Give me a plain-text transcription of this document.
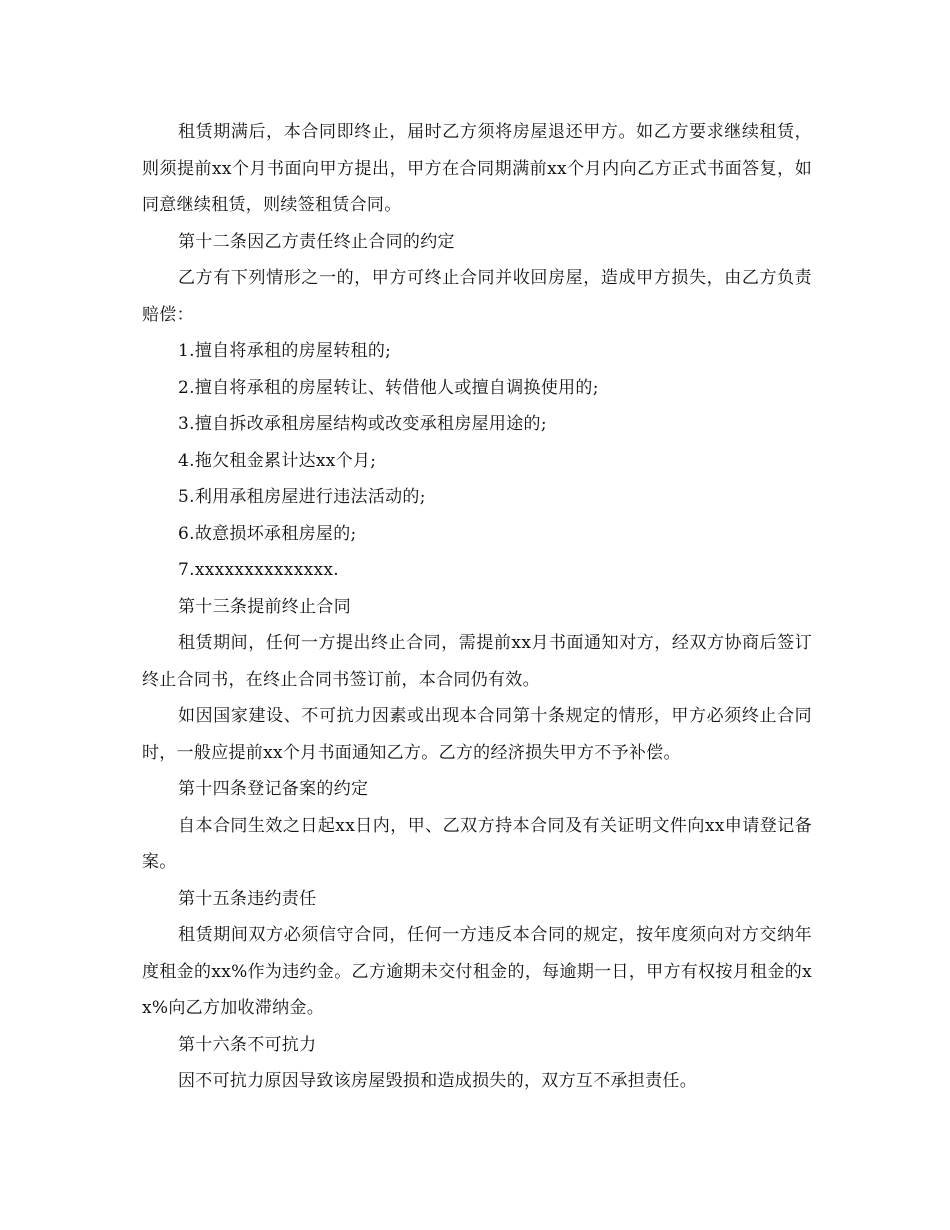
租赁期满后，本合同即终止，届时乙方须将房屋退还甲方。如乙方要求继续租赁，则须提前xx个月书面向甲方提出，甲方在合同期满前xx个月内向乙方正式书面答复，如同意继续租赁，则续签租赁合同。

第十二条因乙方责任终止合同的约定

乙方有下列情形之一的，甲方可终止合同并收回房屋，造成甲方损失，由乙方负责赔偿：

1.擅自将承租的房屋转租的;

2.擅自将承租的房屋转让、转借他人或擅自调换使用的;

3.擅自拆改承租房屋结构或改变承租房屋用途的;

4.拖欠租金累计达xx个月;

5.利用承租房屋进行违法活动的;

6.故意损坏承租房屋的;

7.xxxxxxxxxxxxxx.

第十三条提前终止合同

租赁期间，任何一方提出终止合同，需提前xx月书面通知对方，经双方协商后签订终止合同书，在终止合同书签订前，本合同仍有效。

如因国家建设、不可抗力因素或出现本合同第十条规定的情形，甲方必须终止合同时，一般应提前xx个月书面通知乙方。乙方的经济损失甲方不予补偿。

第十四条登记备案的约定

自本合同生效之日起xx日内，甲、乙双方持本合同及有关证明文件向xx申请登记备案。

第十五条违约责任

租赁期间双方必须信守合同，任何一方违反本合同的规定，按年度须向对方交纳年度租金的xx%作为违约金。乙方逾期未交付租金的，每逾期一日，甲方有权按月租金的xx%向乙方加收滞纳金。

第十六条不可抗力

因不可抗力原因导致该房屋毁损和造成损失的，双方互不承担责任。
